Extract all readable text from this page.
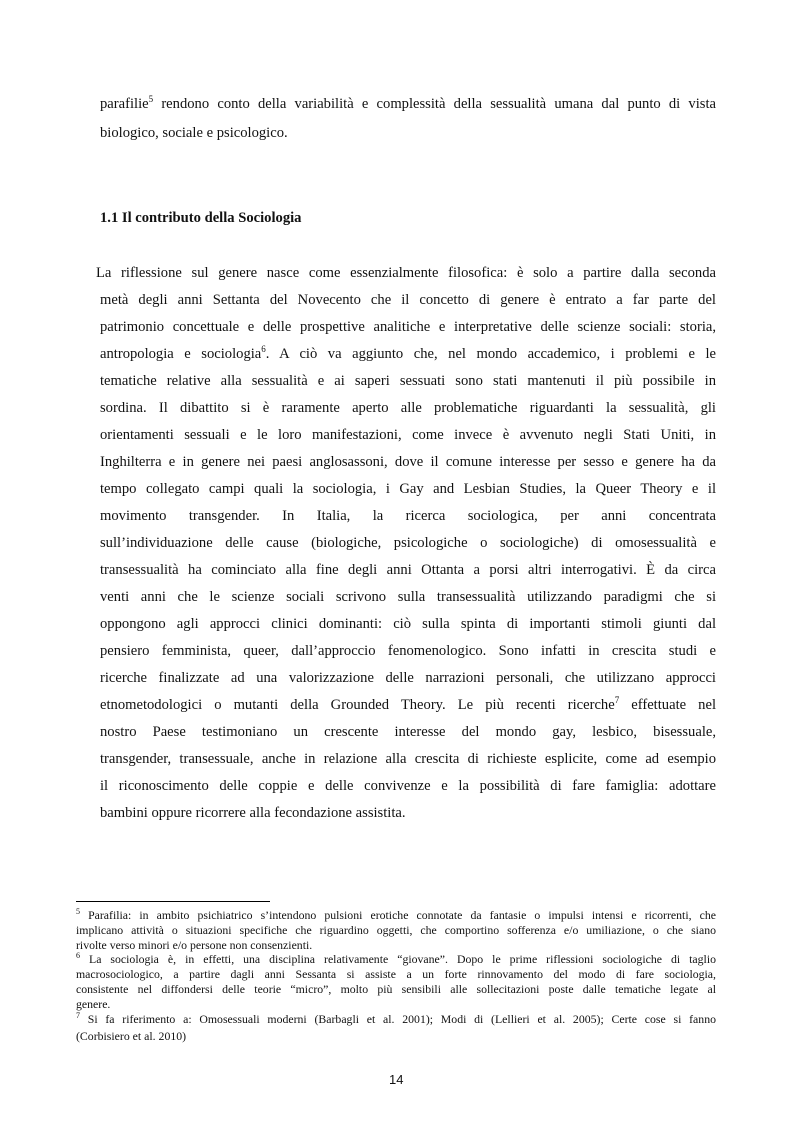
parafilie$^5$ rendono conto della variabilità e complessità della sessualità umana dal punto di vista
biologico, sociale e psicologico.
1.1 Il contributo della Sociologia
La riflessione sul genere nasce come essenzialmente filosofica: è solo a partire dalla seconda
metà degli anni Settanta del Novecento che il concetto di genere è entrato a far parte del
patrimonio concettuale e delle prospettive analitiche e interpretative delle scienze sociali: storia,
antropologia e sociologia$^6$. A ciò va aggiunto che, nel mondo accademico, i problemi e le
tematiche relative alla sessualità e ai saperi sessuati sono stati mantenuti il più possibile in
sordina. Il dibattito si è raramente aperto alle problematiche riguardanti la sessualità, gli
orientamenti sessuali e le loro manifestazioni, come invece è avvenuto negli Stati Uniti, in
Inghilterra e in genere nei paesi anglosassoni, dove il comune interesse per sesso e genere ha da
tempo collegato campi quali la sociologia, i Gay and Lesbian Studies, la Queer Theory e il
movimento transgender. In Italia, la ricerca sociologica, per anni concentrata
sull’individuazione delle cause (biologiche, psicologiche o sociologiche) di omosessualità e
transessualità ha cominciato alla fine degli anni Ottanta a porsi altri interrogativi. È da circa
venti anni che le scienze sociali scrivono sulla transessualità utilizzando paradigmi che si
oppongono agli approcci clinici dominanti: ciò sulla spinta di importanti stimoli giunti dal
pensiero femminista, queer, dall’approccio fenomenologico. Sono infatti in crescita studi e
ricerche finalizzate ad una valorizzazione delle narrazioni personali, che utilizzano approcci
etnometodologici o mutanti della Grounded Theory. Le più recenti ricerche$^7$ effettuate nel
nostro Paese testimoniano un crescente interesse del mondo gay, lesbico, bisessuale,
transgender, transessuale, anche in relazione alla crescita di richieste esplicite, come ad esempio
il riconoscimento delle coppie e delle convivenze e la possibilità di fare famiglia: adottare
bambini oppure ricorrere alla fecondazione assistita.
$^5$ Parafilia: in ambito psichiatrico s’intendono pulsioni erotiche connotate da fantasie o impulsi intensi e ricorrenti, che
implicano attività o situazioni specifiche che riguardino oggetti, che comportino sofferenza e/o umiliazione, o che siano
rivolte verso minori e/o persone non consenzienti.
$^6$ La sociologia è, in effetti, una disciplina relativamente “giovane”. Dopo le prime riflessioni sociologiche di taglio
macrosociologico, a partire dagli anni Sessanta si assiste a un forte rinnovamento del modo di fare sociologia,
consistente nel diffondersi delle teorie “micro”, molto più sensibili alle sollecitazioni poste dalle tematiche legate al
genere.
$^7$ Si fa riferimento a: Omosessuali moderni (Barbagli et al. 2001); Modi di (Lellieri et al. 2005); Certe cose si fanno
(Corbisiero et al. 2010)
14
